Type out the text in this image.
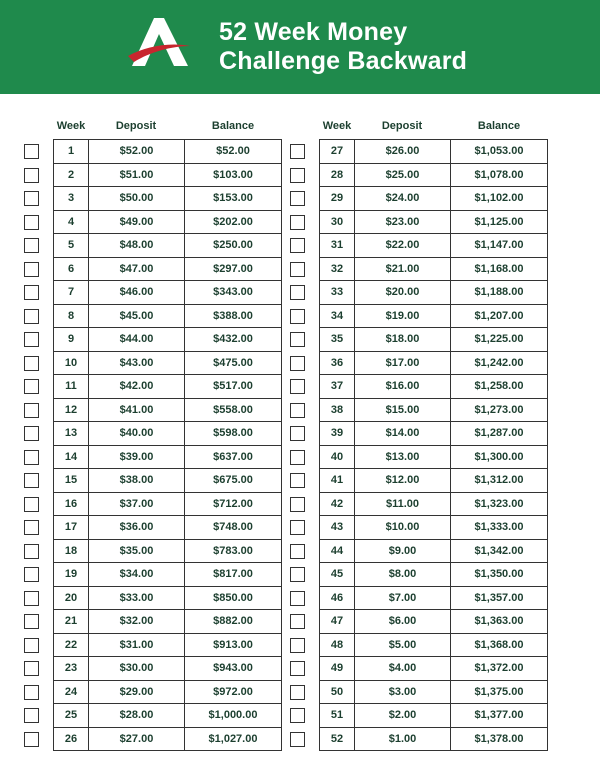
52 Week Money
Challenge Backward
Week	Deposit	Balance
1	$52.00	$52.00
2	$51.00	$103.00
3	$50.00	$153.00
4	$49.00	$202.00
5	$48.00	$250.00
6	$47.00	$297.00
7	$46.00	$343.00
8	$45.00	$388.00
9	$44.00	$432.00
10	$43.00	$475.00
11	$42.00	$517.00
12	$41.00	$558.00
13	$40.00	$598.00
14	$39.00	$637.00
15	$38.00	$675.00
16	$37.00	$712.00
17	$36.00	$748.00
18	$35.00	$783.00
19	$34.00	$817.00
20	$33.00	$850.00
21	$32.00	$882.00
22	$31.00	$913.00
23	$30.00	$943.00
24	$29.00	$972.00
25	$28.00	$1,000.00
26	$27.00	$1,027.00
Week	Deposit	Balance
27	$26.00	$1,053.00
28	$25.00	$1,078.00
29	$24.00	$1,102.00
30	$23.00	$1,125.00
31	$22.00	$1,147.00
32	$21.00	$1,168.00
33	$20.00	$1,188.00
34	$19.00	$1,207.00
35	$18.00	$1,225.00
36	$17.00	$1,242.00
37	$16.00	$1,258.00
38	$15.00	$1,273.00
39	$14.00	$1,287.00
40	$13.00	$1,300.00
41	$12.00	$1,312.00
42	$11.00	$1,323.00
43	$10.00	$1,333.00
44	$9.00	$1,342.00
45	$8.00	$1,350.00
46	$7.00	$1,357.00
47	$6.00	$1,363.00
48	$5.00	$1,368.00
49	$4.00	$1,372.00
50	$3.00	$1,375.00
51	$2.00	$1,377.00
52	$1.00	$1,378.00
